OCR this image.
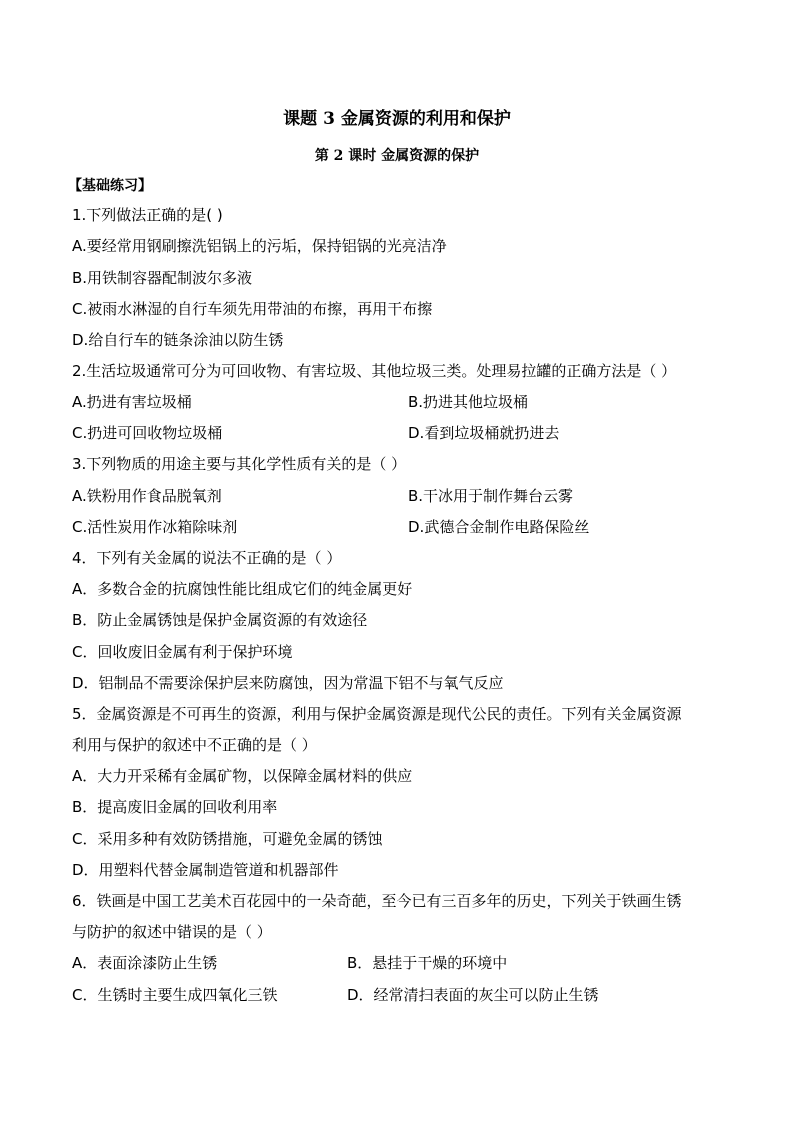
课题 3 金属资源的利用和保护
第 2 课时 金属资源的保护
【基础练习】
1.下列做法正确的是( )
A.要经常用钢刷擦洗铝锅上的污垢，保持铝锅的光亮洁净
B.用铁制容器配制波尔多液
C.被雨水淋湿的自行车须先用带油的布擦，再用干布擦
D.给自行车的链条涂油以防生锈
2.生活垃圾通常可分为可回收物、有害垃圾、其他垃圾三类。处理易拉罐的正确方法是（ ）
A.扔进有害垃圾桶	B.扔进其他垃圾桶
C.扔进可回收物垃圾桶	D.看到垃圾桶就扔进去
3.下列物质的用途主要与其化学性质有关的是（ ）
A.铁粉用作食品脱氧剂	B.干冰用于制作舞台云雾
C.活性炭用作冰箱除味剂	D.武德合金制作电路保险丝
4．下列有关金属的说法不正确的是（ ）
A．多数合金的抗腐蚀性能比组成它们的纯金属更好
B．防止金属锈蚀是保护金属资源的有效途径
C．回收废旧金属有利于保护环境
D．铝制品不需要涂保护层来防腐蚀，因为常温下铝不与氧气反应
5．金属资源是不可再生的资源，利用与保护金属资源是现代公民的责任。下列有关金属资源
利用与保护的叙述中不正确的是（ ）
A．大力开采稀有金属矿物，以保障金属材料的供应
B．提高废旧金属的回收利用率
C．采用多种有效防锈措施，可避免金属的锈蚀
D．用塑料代替金属制造管道和机器部件
6．铁画是中国工艺美术百花园中的一朵奇葩，至今已有三百多年的历史，下列关于铁画生锈
与防护的叙述中错误的是（ ）
A．表面涂漆防止生锈	B．悬挂于干燥的环境中
C．生锈时主要生成四氧化三铁	D．经常清扫表面的灰尘可以防止生锈
